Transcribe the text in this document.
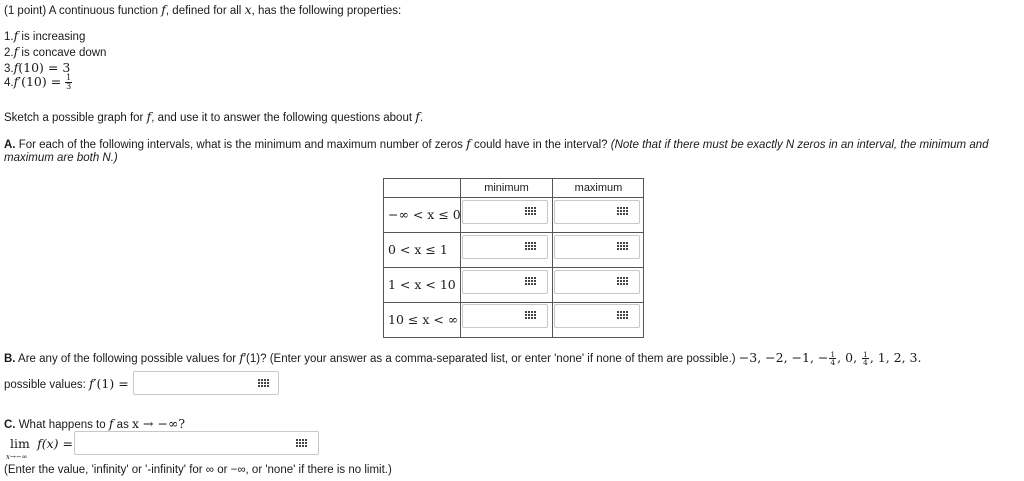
(1 point) A continuous function f, defined for all x, has the following properties:
1.f is increasing
2.f is concave down
3.f(10) = 3
$4.f'(10) = \frac{1}{3}$
Sketch a possible graph for f, and use it to answer the following questions about f.
A. For each of the following intervals, what is the minimum and maximum number of zeros f could have in the interval? (Note that if there must be exactly N zeros in an interval, the minimum and
maximum are both N.)
minimum	maximum
−∞ < x ≤ 0
0 < x ≤ 1
1 < x < 10
10 ≤ x < ∞
B. Are any of the following possible values for f′(1)? (Enter your answer as a comma-separated list, or enter 'none' if none of them are possible.) −3, −2, −1, − $\frac{1}{4}$ , 0, $\frac{1}{4}$ , 1, 2, 3.
possible values: f′(1) =
C. What happens to f as x → −∞?
lim f(x) =
x→−∞
(Enter the value, 'infinity' or '-infinity' for ∞ or −∞, or 'none' if there is no limit.)
